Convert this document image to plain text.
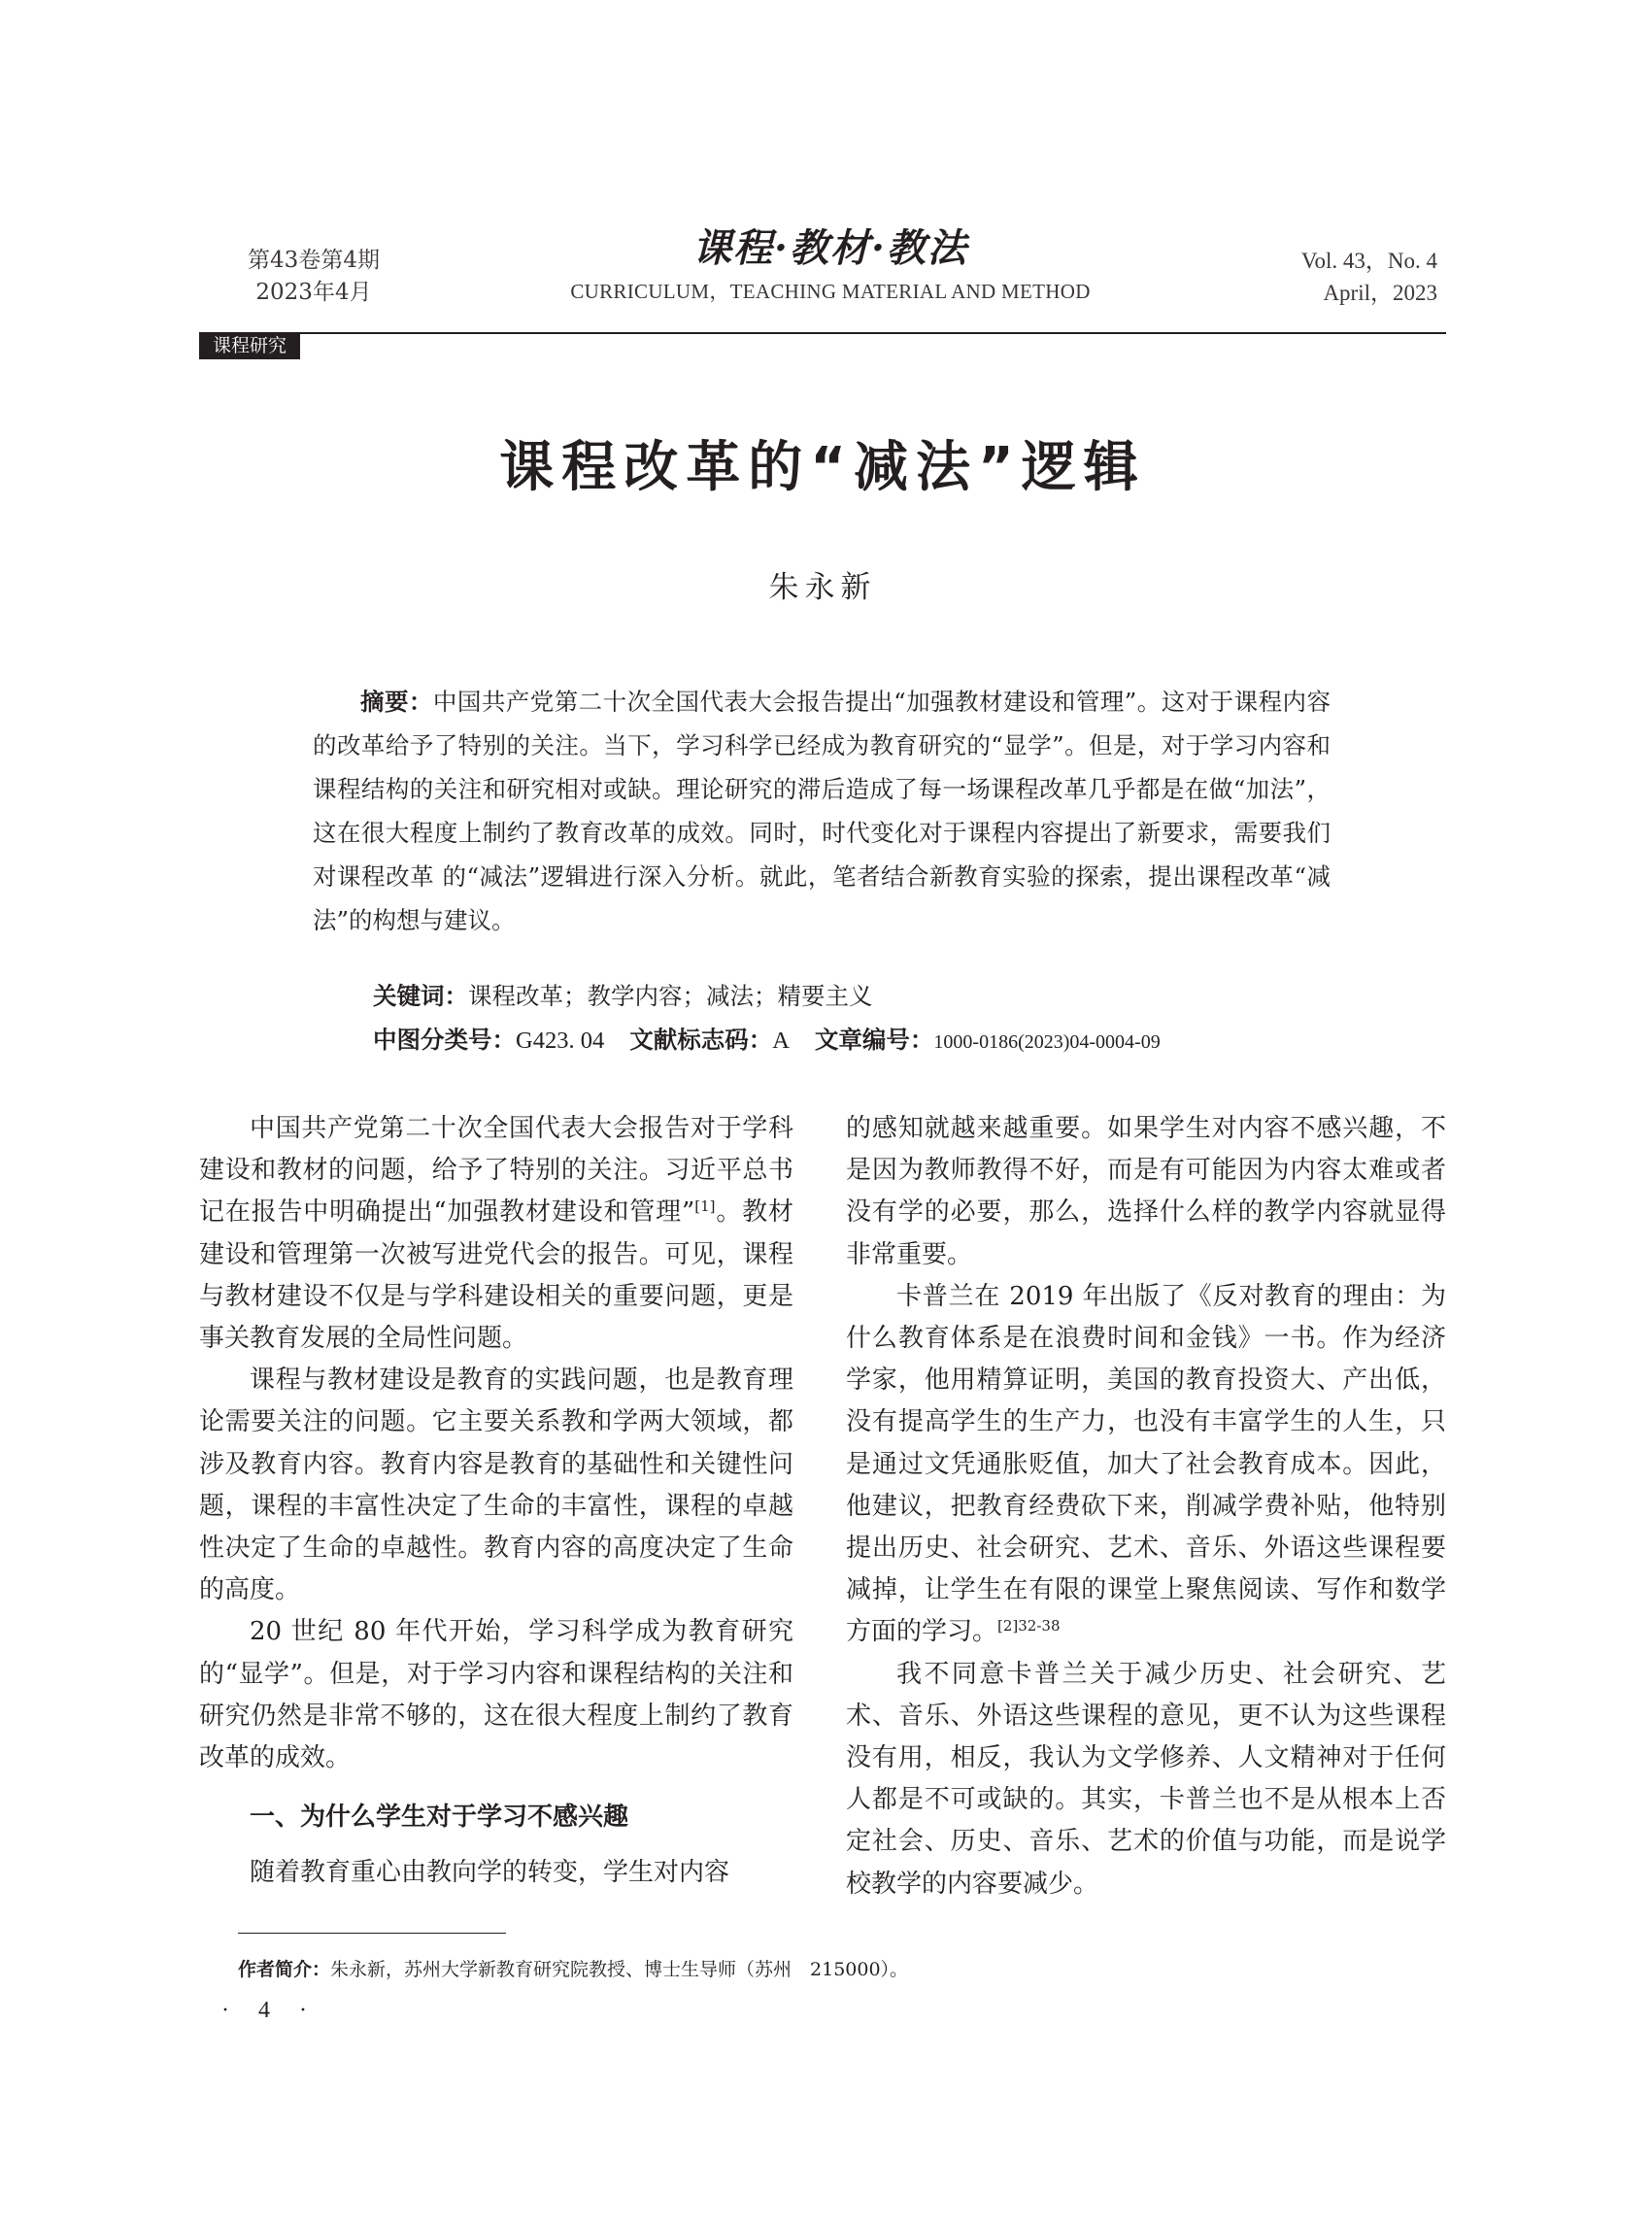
第43卷第4期
2023年4月
课程·教材·教法
CURRICULUM，TEACHING MATERIAL AND METHOD
Vol. 43，No. 4
April，2023
课程研究
课程改革的“减法”逻辑
朱永新

摘要：中国共产党第二十次全国代表大会报告提出“加强教材建设和管理”。这对于课程内容的改革给予了特别的关注。当下，学习科学已经成为教育研究的“显学”。但是，对于学习内容和课程结构的关注和研究相对或缺。理论研究的滞后造成了每一场课程改革几乎都是在做“加法”，这在很大程度上制约了教育改革的成效。同时，时代变化对于课程内容提出了新要求，需要我们对课程改革 的“减法”逻辑进行深入分析。就此，笔者结合新教育实验的探索，提出课程改革“减法”的构想与建议。

关键词：课程改革；教学内容；减法；精要主义
中图分类号：G423. 04 文献标志码：A 文章编号：1000-0186(2023)04-0004-09

中国共产党第二十次全国代表大会报告对于学科建设和教材的问题，给予了特别的关注。习近平总书记在报告中明确提出“加强教材建设和管理”[1]。教材建设和管理第一次被写进党代会的报告。可见，课程与教材建设不仅是与学科建设相关的重要问题，更是事关教育发展的全局性问题。

课程与教材建设是教育的实践问题，也是教育理论需要关注的问题。它主要关系教和学两大领域，都涉及教育内容。教育内容是教育的基础性和关键性问题，课程的丰富性决定了生命的丰富性，课程的卓越性决定了生命的卓越性。教育内容的高度决定了生命的高度。

20 世纪 80 年代开始，学习科学成为教育研究的“显学”。但是，对于学习内容和课程结构的关注和研究仍然是非常不够的，这在很大程度上制约了教育改革的成效。

一、为什么学生对于学习不感兴趣

随着教育重心由教向学的转变，学生对内容

的感知就越来越重要。如果学生对内容不感兴趣，不是因为教师教得不好，而是有可能因为内容太难或者没有学的必要，那么，选择什么样的教学内容就显得非常重要。

卡普兰在 2019 年出版了《反对教育的理由：为什么教育体系是在浪费时间和金钱》一书。作为经济学家，他用精算证明，美国的教育投资大、产出低，没有提高学生的生产力，也没有丰富学生的人生，只是通过文凭通胀贬值，加大了社会教育成本。因此，他建议，把教育经费砍下来，削减学费补贴，他特别提出历史、社会研究、艺术、音乐、外语这些课程要减掉，让学生在有限的课堂上聚焦阅读、写作和数学方面的学习。$^{[2]32-38}$

我不同意卡普兰关于减少历史、社会研究、艺术、音乐、外语这些课程的意见，更不认为这些课程没有用，相反，我认为文学修养、人文精神对于任何人都是不可或缺的。其实，卡普兰也不是从根本上否定社会、历史、音乐、艺术的价值与功能，而是说学校教学的内容要减少。

作者简介：朱永新，苏州大学新教育研究院教授、博士生导师（苏州　215000）。
· 4 ·
